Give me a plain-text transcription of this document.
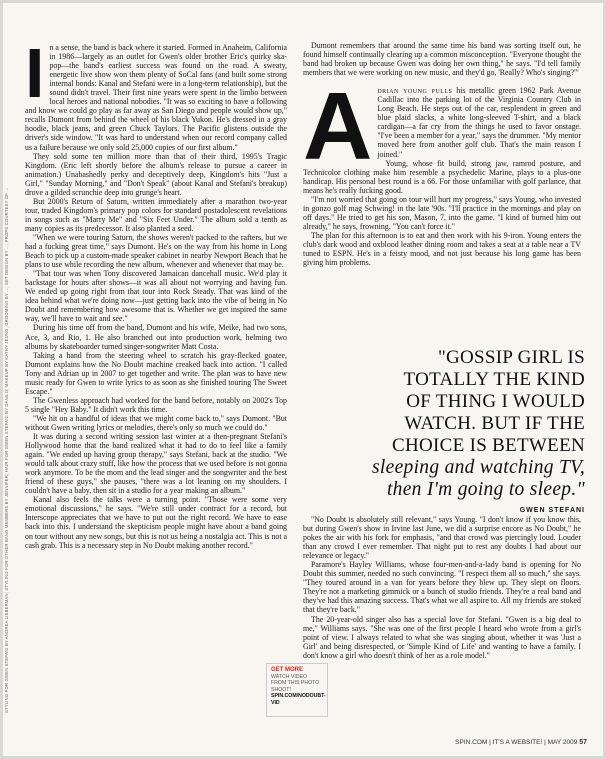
STYLING FOR GWEN STEFANI BY ANDREA LIEBERMAN; STYLING FOR OTHER BAND MEMBERS BY JENNIFER; HAIR FOR GWEN STEFANI BY DANILO; MAKEUP BY KATHY JEUNG; GROOMING BY ...; SET DESIGN BY ...; PROPS COURTESY OF ...

In a sense, the band is back where it started. Formed in Anaheim, California in 1986—largely as an outlet for Gwen's older brother Eric's quirky ska-pop—the band's earliest success was found on the road. A sweaty, energetic live show won them plenty of SoCal fans (and built some strong internal bonds: Kanal and Stefani were in a long-term relationship), but the sound didn't travel. Their first nine years were spent in the limbo between local heroes and national nobodies. "It was so exciting to have a following and know we could go play as far away as San Diego and people would show up," recalls Dumont from behind the wheel of his black Yukon. He's dressed in a gray hoodie, black jeans, and green Chuck Taylors. The Pacific glistens outside the driver's side window. "It was hard to understand when our record company called us a failure because we only sold 25,000 copies of our first album."

They sold some ten million more than that of their third, 1995's Tragic Kingdom. (Eric left shortly before the album's release to pursue a career in animation.) Unabashedly perky and deceptively deep, Kingdom's hits "Just a Girl," "Sunday Morning," and "Don't Speak" (about Kanal and Stefani's breakup) drove a gilded scrunchie deep into grunge's heart.

But 2000's Return of Saturn, written immediately after a marathon two-year tour, traded Kingdom's primary pop colors for standard postadolescent revelations in songs such as "Marry Me" and "Six Feet Under." The album sold a tenth as many copies as its predecessor. It also planted a seed.

"When we were touring Saturn, the shows weren't packed to the rafters, but we had a fucking great time," says Dumont. He's on the way from his home in Long Beach to pick up a custom-made speaker cabinet in nearby Newport Beach that he plans to use while recording the new album, whenever and whenever that may be.

"That tour was when Tony discovered Jamaican dancehall music. We'd play it backstage for hours after shows—it was all about not worrying and having fun. We ended up going right from that tour into Rock Steady. That was kind of the idea behind what we're doing now—just getting back into the vibe of being in No Doubt and remembering how awesome that is. Whether we get inspired the same way, we'll have to wait and see."

During his time off from the band, Dumont and his wife, Meike, had two sons, Ace, 3, and Rio, 1. He also branched out into production work, helming two albums by skateboarder turned singer-songwriter Matt Costa.

Taking a hand from the steering wheel to scratch his gray-flecked goatee, Dumont explains how the No Doubt machine creaked back into action. "I called Tony and Adrian up in 2007 to get together and write. The plan was to have new music ready for Gwen to write lyrics to as soon as she finished touring The Sweet Escape."

The Gwenless approach had worked for the band before, notably on 2002's Top 5 single "Hey Baby." It didn't work this time.

"We hit on a handful of ideas that we might come back to," says Dumont. "But without Gwen writing lyrics or melodies, there's only so much we could do."

It was during a second writing session last winter at a then-pregnant Stefani's Hollywood home that the band realized what it had to do to feel like a family again. "We ended up having group therapy," says Stefani, back at the studio. "We would talk about crazy stuff, like how the process that we used before is not gonna work anymore. To be the mom and the lead singer and the songwriter and the best friend of these guys," she pauses, "there was a lot leaning on my shoulders. I couldn't have a baby, then sit in a studio for a year making an album."

Kanal also feels the talks were a turning point. "Those were some very emotional discussions," he says. "We're still under contract for a record, but Interscope appreciates that we have to put out the right record. We have to ease back into this. I understand the skepticism people might have about a band going on tour without any new songs, but this is not us being a nostalgia act. This is not a cash grab. This is a necessary step in No Doubt making another record."

Dumont remembers that around the same time his band was sorting itself out, he found himself continually clearing up a common misconception. "Everyone thought the band had broken up because Gwen was doing her own thing," he says. "I'd tell family members that we were working on new music, and they'd go, 'Really? Who's singing?'"

Adrian young pulls his metallic green 1962 Park Avenue Cadillac into the parking lot of the Virginia Country Club in Long Beach. He steps out of the car, resplendent in green and blue plaid slacks, a white long-sleeved T-shirt, and a black cardigan—a far cry from the things he used to favor onstage. "I've been a member for a year," says the drummer. "My mentor moved here from another golf club. That's the main reason I joined."

Young, whose fit build, strong jaw, ramrod posture, and Technicolor clothing make him resemble a psychedelic Marine, plays to a plus-one handicap. His personal best round is a 66. For those unfamiliar with golf parlance, that means he's really fucking good.

"I'm not worried that going on tour will hurt my progress," says Young, who invested in gonzo golf mag Schwing! in the late '90s. "I'll practice in the mornings and play on off days." He tried to get his son, Mason, 7, into the game. "I kind of burned him out already," he says, frowning. "You can't force it."

The plan for this afternoon is to eat and then work with his 9-iron. Young enters the club's dark wood and oxblood leather dining room and takes a seat at a table near a TV tuned to ESPN. He's in a feisty mood, and not just because his long game has been giving him problems.

"GOSSIP GIRL IS
TOTALLY THE KIND
OF THING I WOULD
WATCH. BUT IF THE
CHOICE IS BETWEEN
sleeping and watching TV,
then I'm going to sleep."
GWEN STEFANI

"No Doubt is absolutely still relevant," says Young. "I don't know if you know this, but during Gwen's show in Irvine last June, we did a surprise encore as No Doubt," he pokes the air with his fork for emphasis, "and that crowd was piercingly loud. Louder than any crowd I ever remember. That night put to rest any doubts I had about our relevance or legacy."

Paramore's Hayley Williams, whose four-men-and-a-lady band is opening for No Doubt this summer, needed no such convincing. "I respect them all so much," she says. "They toured around in a van for years before they blew up. They slept on floors. They're not a marketing gimmick or a bunch of studio friends. They're a real band and they've had this amazing success. That's what we all aspire to. All my friends are stoked that they're back."

The 20-year-old singer also has a special love for Stefani. "Gwen is a big deal to me," Williams says. "She was one of the first people I heard who wrote from a girl's point of view. I always related to what she was singing about, whether it was 'Just a Girl' and being disrespected, or 'Simple Kind of Life' and wanting to have a family. I don't know a girl who doesn't think of her as a role model."

GET MORE
WATCH VIDEO FROM THIS PHOTO SHOOT!
SPIN.COM/NODOUBT-VID
SPIN.COM | IT'S A WEBSITE! | MAY 2009 57
